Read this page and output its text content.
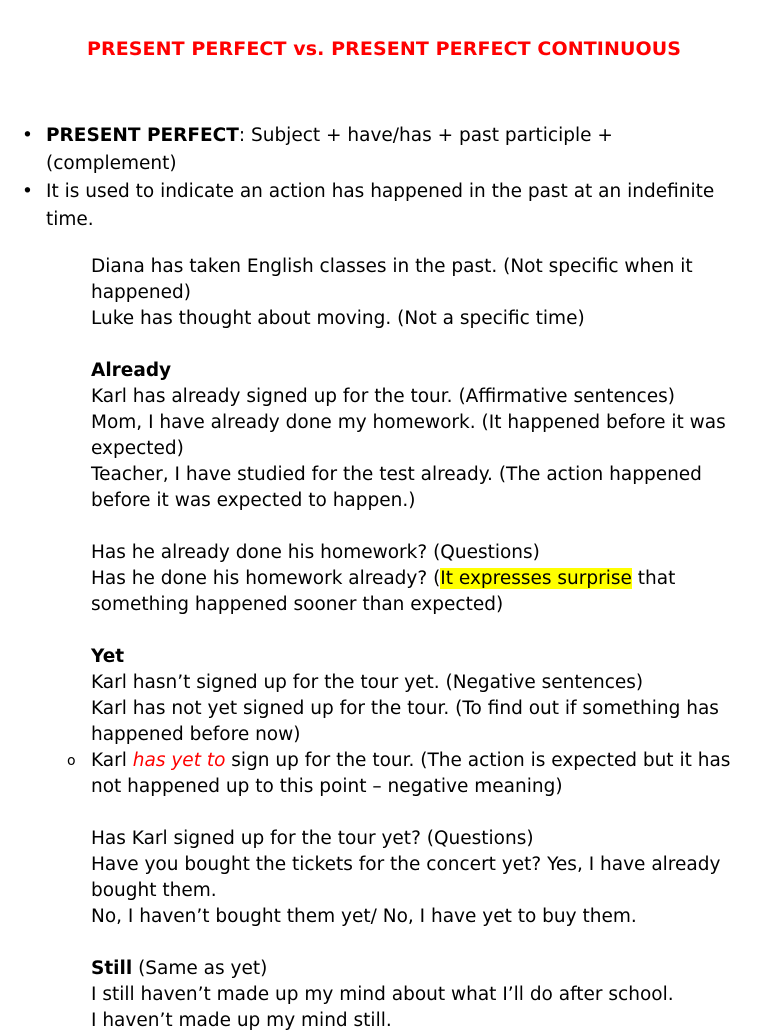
PRESENT PERFECT vs. PRESENT PERFECT CONTINUOUS
• PRESENT PERFECT: Subject + have/has + past participle + (complement)
• It is used to indicate an action has happened in the past at an indefinite time.
Diana has taken English classes in the past. (Not specific when it happened)
Luke has thought about moving. (Not a specific time)
Already
Karl has already signed up for the tour. (Affirmative sentences)
Mom, I have already done my homework. (It happened before it was expected)
Teacher, I have studied for the test already. (The action happened before it was expected to happen.)
Has he already done his homework? (Questions)
Has he done his homework already? (It expresses surprise that something happened sooner than expected)
Yet
Karl hasn’t signed up for the tour yet. (Negative sentences)
Karl has not yet signed up for the tour. (To find out if something has happened before now)
o Karl has yet to sign up for the tour. (The action is expected but it has not happened up to this point – negative meaning)
Has Karl signed up for the tour yet? (Questions)
Have you bought the tickets for the concert yet? Yes, I have already bought them.
No, I haven’t bought them yet/ No, I have yet to buy them.
Still (Same as yet)
I still haven’t made up my mind about what I’ll do after school.
I haven’t made up my mind still.
